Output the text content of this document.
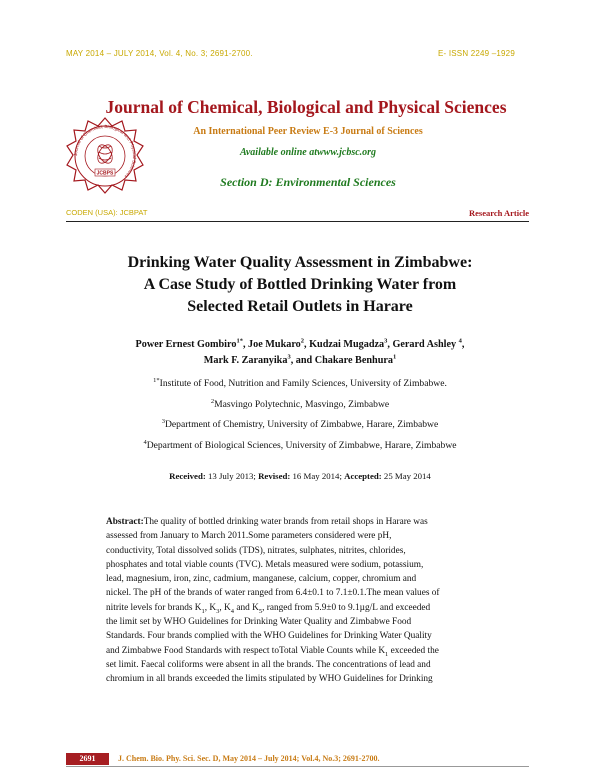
MAY 2014 – JULY 2014, Vol. 4, No. 3; 2691-2700.	E- ISSN 2249 –1929
Journal of Chemical, Biological and Physical Sciences
JCBPS
Journal of Chemical, Biological and Physical Sciences
An International Peer Review E-3 Journal of Sciences
Available online atwww.jcbsc.org
Section D: Environmental Sciences
CODEN (USA): JCBPAT	Research Article
Drinking Water Quality Assessment in Zimbabwe:
A Case Study of Bottled Drinking Water from
Selected Retail Outlets in Harare
Power Ernest Gombiro$^{1*}$, Joe Mukaro$^2$, Kudzai Mugadza$^3$, Gerard Ashley $^4$,
Mark F. Zaranyika$^3$, and Chakare Benhura$^1$
$^{1*}$Institute of Food, Nutrition and Family Sciences, University of Zimbabwe.
$^2$Masvingo Polytechnic, Masvingo, Zimbabwe
$^3$Department of Chemistry, University of Zimbabwe, Harare, Zimbabwe
$^4$Department of Biological Sciences, University of Zimbabwe, Harare, Zimbabwe
Received: 13 July 2013; Revised: 16 May 2014; Accepted: 25 May 2014
Abstract:The quality of bottled drinking water brands from retail shops in Harare was
assessed from January to March 2011.Some parameters considered were pH,
conductivity, Total dissolved solids (TDS), nitrates, sulphates, nitrites, chlorides,
phosphates and total viable counts (TVC). Metals measured were sodium, potassium,
lead, magnesium, iron, zinc, cadmium, manganese, calcium, copper, chromium and
nickel. The pH of the brands of water ranged from 6.4±0.1 to 7.1±0.1.The mean values of
nitrite levels for brands $K_1$, $K_3$, $K_4$ and $K_5$, ranged from 5.9±0 to 9.1µg/L and exceeded
the limit set by WHO Guidelines for Drinking Water Quality and Zimbabwe Food
Standards. Four brands complied with the WHO Guidelines for Drinking Water Quality
and Zimbabwe Food Standards with respect toTotal Viable Counts while $K_1$ exceeded the
set limit. Faecal coliforms were absent in all the brands. The concentrations of lead and
chromium in all brands exceeded the limits stipulated by WHO Guidelines for Drinking
2691	J. Chem. Bio. Phy. Sci. Sec. D, May 2014 – July 2014; Vol.4, No.3; 2691-2700.
